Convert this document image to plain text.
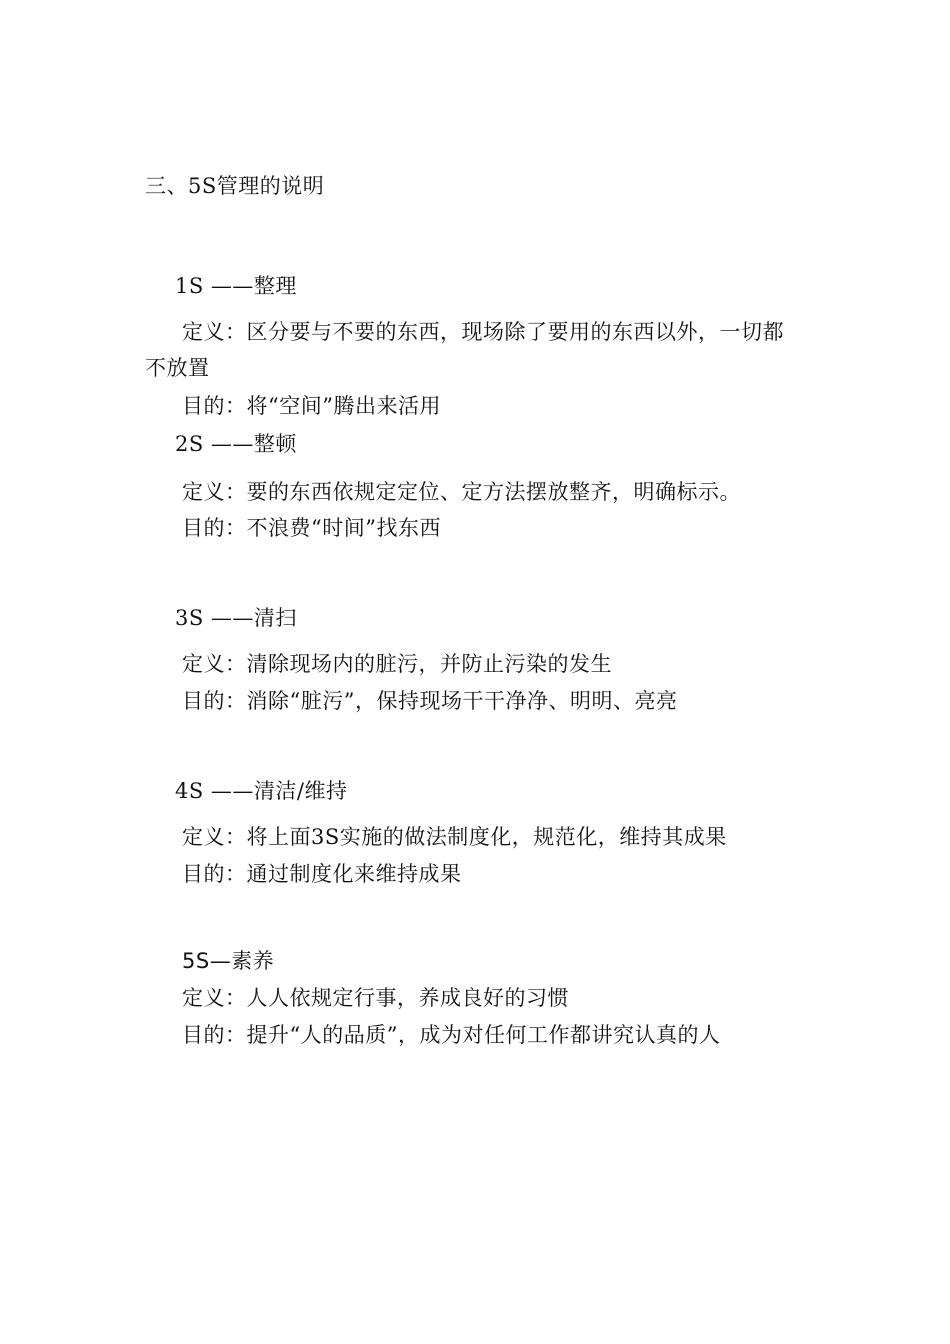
三、5S管理的说明
1S ——整理
定义：区分要与不要的东西，现场除了要用的东西以外，一切都
不放置
目的：将“空间”腾出来活用
2S ——整顿
定义：要的东西依规定定位、定方法摆放整齐，明确标示。
目的：不浪费“时间”找东西
3S ——清扫
定义：清除现场内的脏污，并防止污染的发生
目的：消除“脏污”，保持现场干干净净、明明、亮亮
4S ——清洁/维持
定义：将上面3S实施的做法制度化，规范化，维持其成果
目的：通过制度化来维持成果
5S—素养
定义：人人依规定行事，养成良好的习惯
目的：提升“人的品质”，成为对任何工作都讲究认真的人
